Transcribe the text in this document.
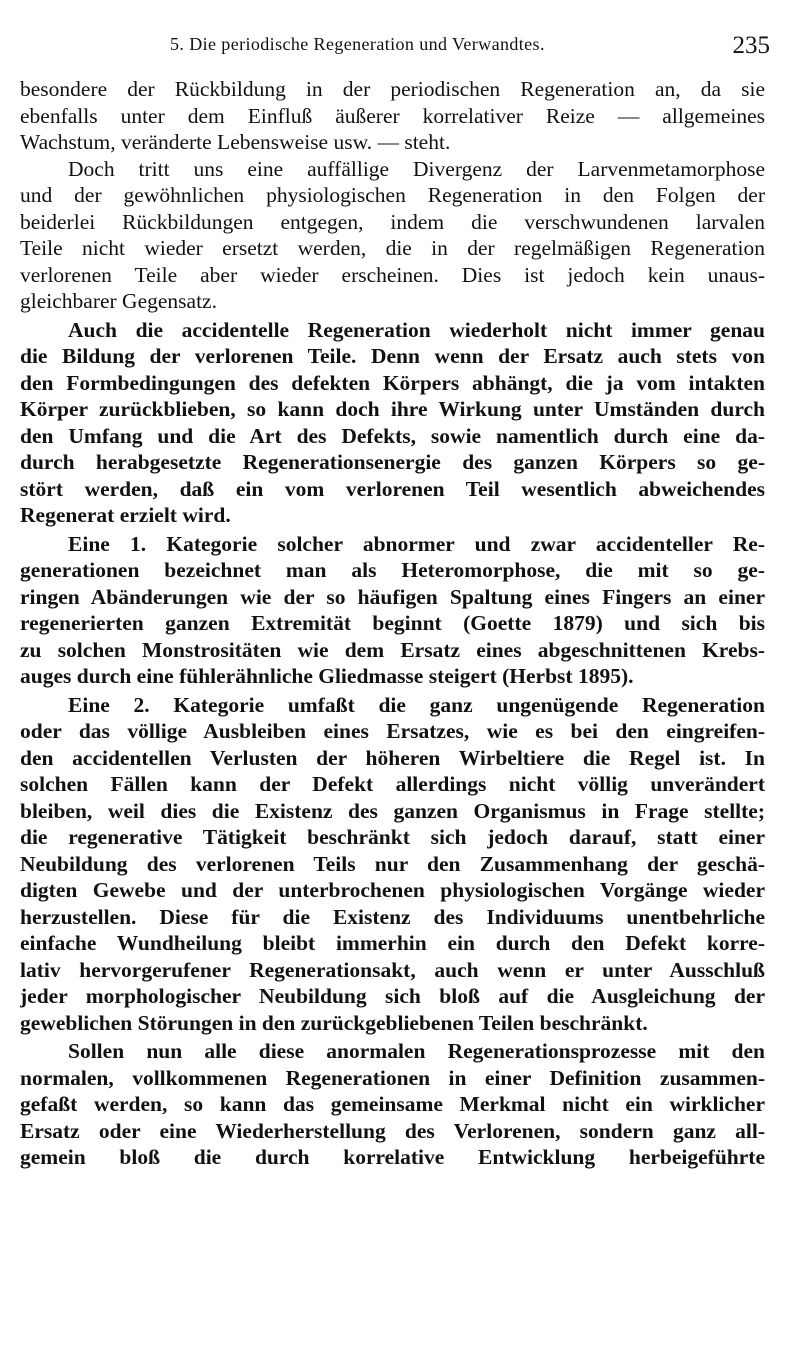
5. Die periodische Regeneration und Verwandtes.	235
besondere der Rückbildung in der periodischen Regeneration an, da sie
ebenfalls unter dem Einfluß äußerer korrelativer Reize — allgemeines
Wachstum, veränderte Lebensweise usw. — steht.
Doch tritt uns eine auffällige Divergenz der Larvenmetamorphose
und der gewöhnlichen physiologischen Regeneration in den Folgen der
beiderlei Rückbildungen entgegen, indem die verschwundenen larvalen
Teile nicht wieder ersetzt werden, die in der regelmäßigen Regeneration
verlorenen Teile aber wieder erscheinen. Dies ist jedoch kein unaus-
gleichbarer Gegensatz.
Auch die accidentelle Regeneration wiederholt nicht immer genau
die Bildung der verlorenen Teile. Denn wenn der Ersatz auch stets von
den Formbedingungen des defekten Körpers abhängt, die ja vom intakten
Körper zurückblieben, so kann doch ihre Wirkung unter Umständen durch
den Umfang und die Art des Defekts, sowie namentlich durch eine da-
durch herabgesetzte Regenerationsenergie des ganzen Körpers so ge-
stört werden, daß ein vom verlorenen Teil wesentlich abweichendes
Regenerat erzielt wird.
Eine 1. Kategorie solcher abnormer und zwar accidenteller Re-
generationen bezeichnet man als Heteromorphose, die mit so ge-
ringen Abänderungen wie der so häufigen Spaltung eines Fingers an einer
regenerierten ganzen Extremität beginnt (Goette 1879) und sich bis
zu solchen Monstrositäten wie dem Ersatz eines abgeschnittenen Krebs-
auges durch eine fühlerähnliche Gliedmasse steigert (Herbst 1895).
Eine 2. Kategorie umfaßt die ganz ungenügende Regeneration
oder das völlige Ausbleiben eines Ersatzes, wie es bei den eingreifen-
den accidentellen Verlusten der höheren Wirbeltiere die Regel ist. In
solchen Fällen kann der Defekt allerdings nicht völlig unverändert
bleiben, weil dies die Existenz des ganzen Organismus in Frage stellte;
die regenerative Tätigkeit beschränkt sich jedoch darauf, statt einer
Neubildung des verlorenen Teils nur den Zusammenhang der geschä-
digten Gewebe und der unterbrochenen physiologischen Vorgänge wieder
herzustellen. Diese für die Existenz des Individuums unentbehrliche
einfache Wundheilung bleibt immerhin ein durch den Defekt korre-
lativ hervorgerufener Regenerationsakt, auch wenn er unter Ausschluß
jeder morphologischer Neubildung sich bloß auf die Ausgleichung der
geweblichen Störungen in den zurückgebliebenen Teilen beschränkt.
Sollen nun alle diese anormalen Regenerationsprozesse mit den
normalen, vollkommenen Regenerationen in einer Definition zusammen-
gefaßt werden, so kann das gemeinsame Merkmal nicht ein wirklicher
Ersatz oder eine Wiederherstellung des Verlorenen, sondern ganz all-
gemein bloß die durch korrelative Entwicklung herbeigeführte
